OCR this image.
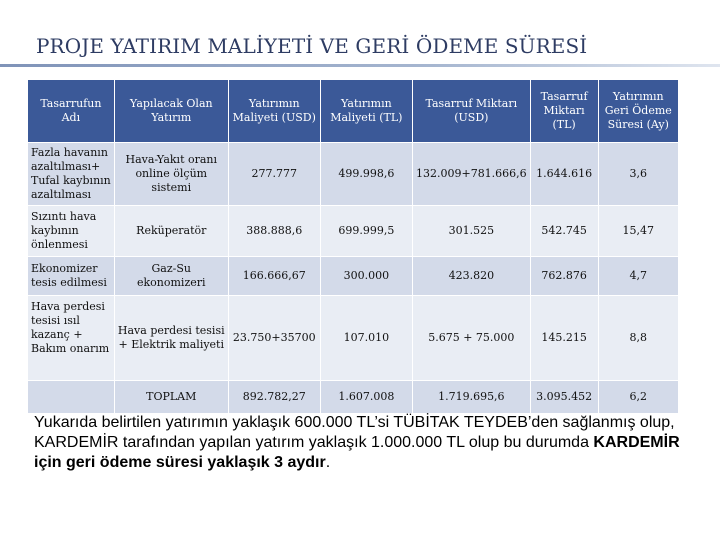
PROJE YATIRIM MALİYETİ VE GERİ ÖDEME SÜRESİ
Tasarrufun Adı	Yapılacak Olan Yatırım	Yatırımın Maliyeti (USD)	Yatırımın Maliyeti (TL)	Tasarruf Miktarı (USD)	Tasarruf Miktarı (TL)	Yatırımın Geri Ödeme Süresi (Ay)
Fazla havanın azaltılması+ Tufal kaybının azaltılması	Hava-Yakıt oranı online ölçüm sistemi	277.777	499.998,6	132.009+781.666,6	1.644.616	3,6
Sızıntı hava kaybının önlenmesi	Reküperatör	388.888,6	699.999,5	301.525	542.745	15,47
Ekonomizer tesis edilmesi	Gaz-Su ekonomizeri	166.666,67	300.000	423.820	762.876	4,7
Hava perdesi tesisi ısıl kazanç + Bakım onarım	Hava perdesi tesisi + Elektrik maliyeti	23.750+35700	107.010	5.675 + 75.000	145.215	8,8
	TOPLAM	892.782,27	1.607.008	1.719.695,6	3.095.452	6,2
Yukarıda belirtilen yatırımın yaklaşık 600.000 TL’si TÜBİTAK TEYDEB’den sağlanmış olup, KARDEMİR tarafından yapılan yatırım yaklaşık 1.000.000 TL olup bu durumda KARDEMİR için geri ödeme süresi yaklaşık 3 aydır.
